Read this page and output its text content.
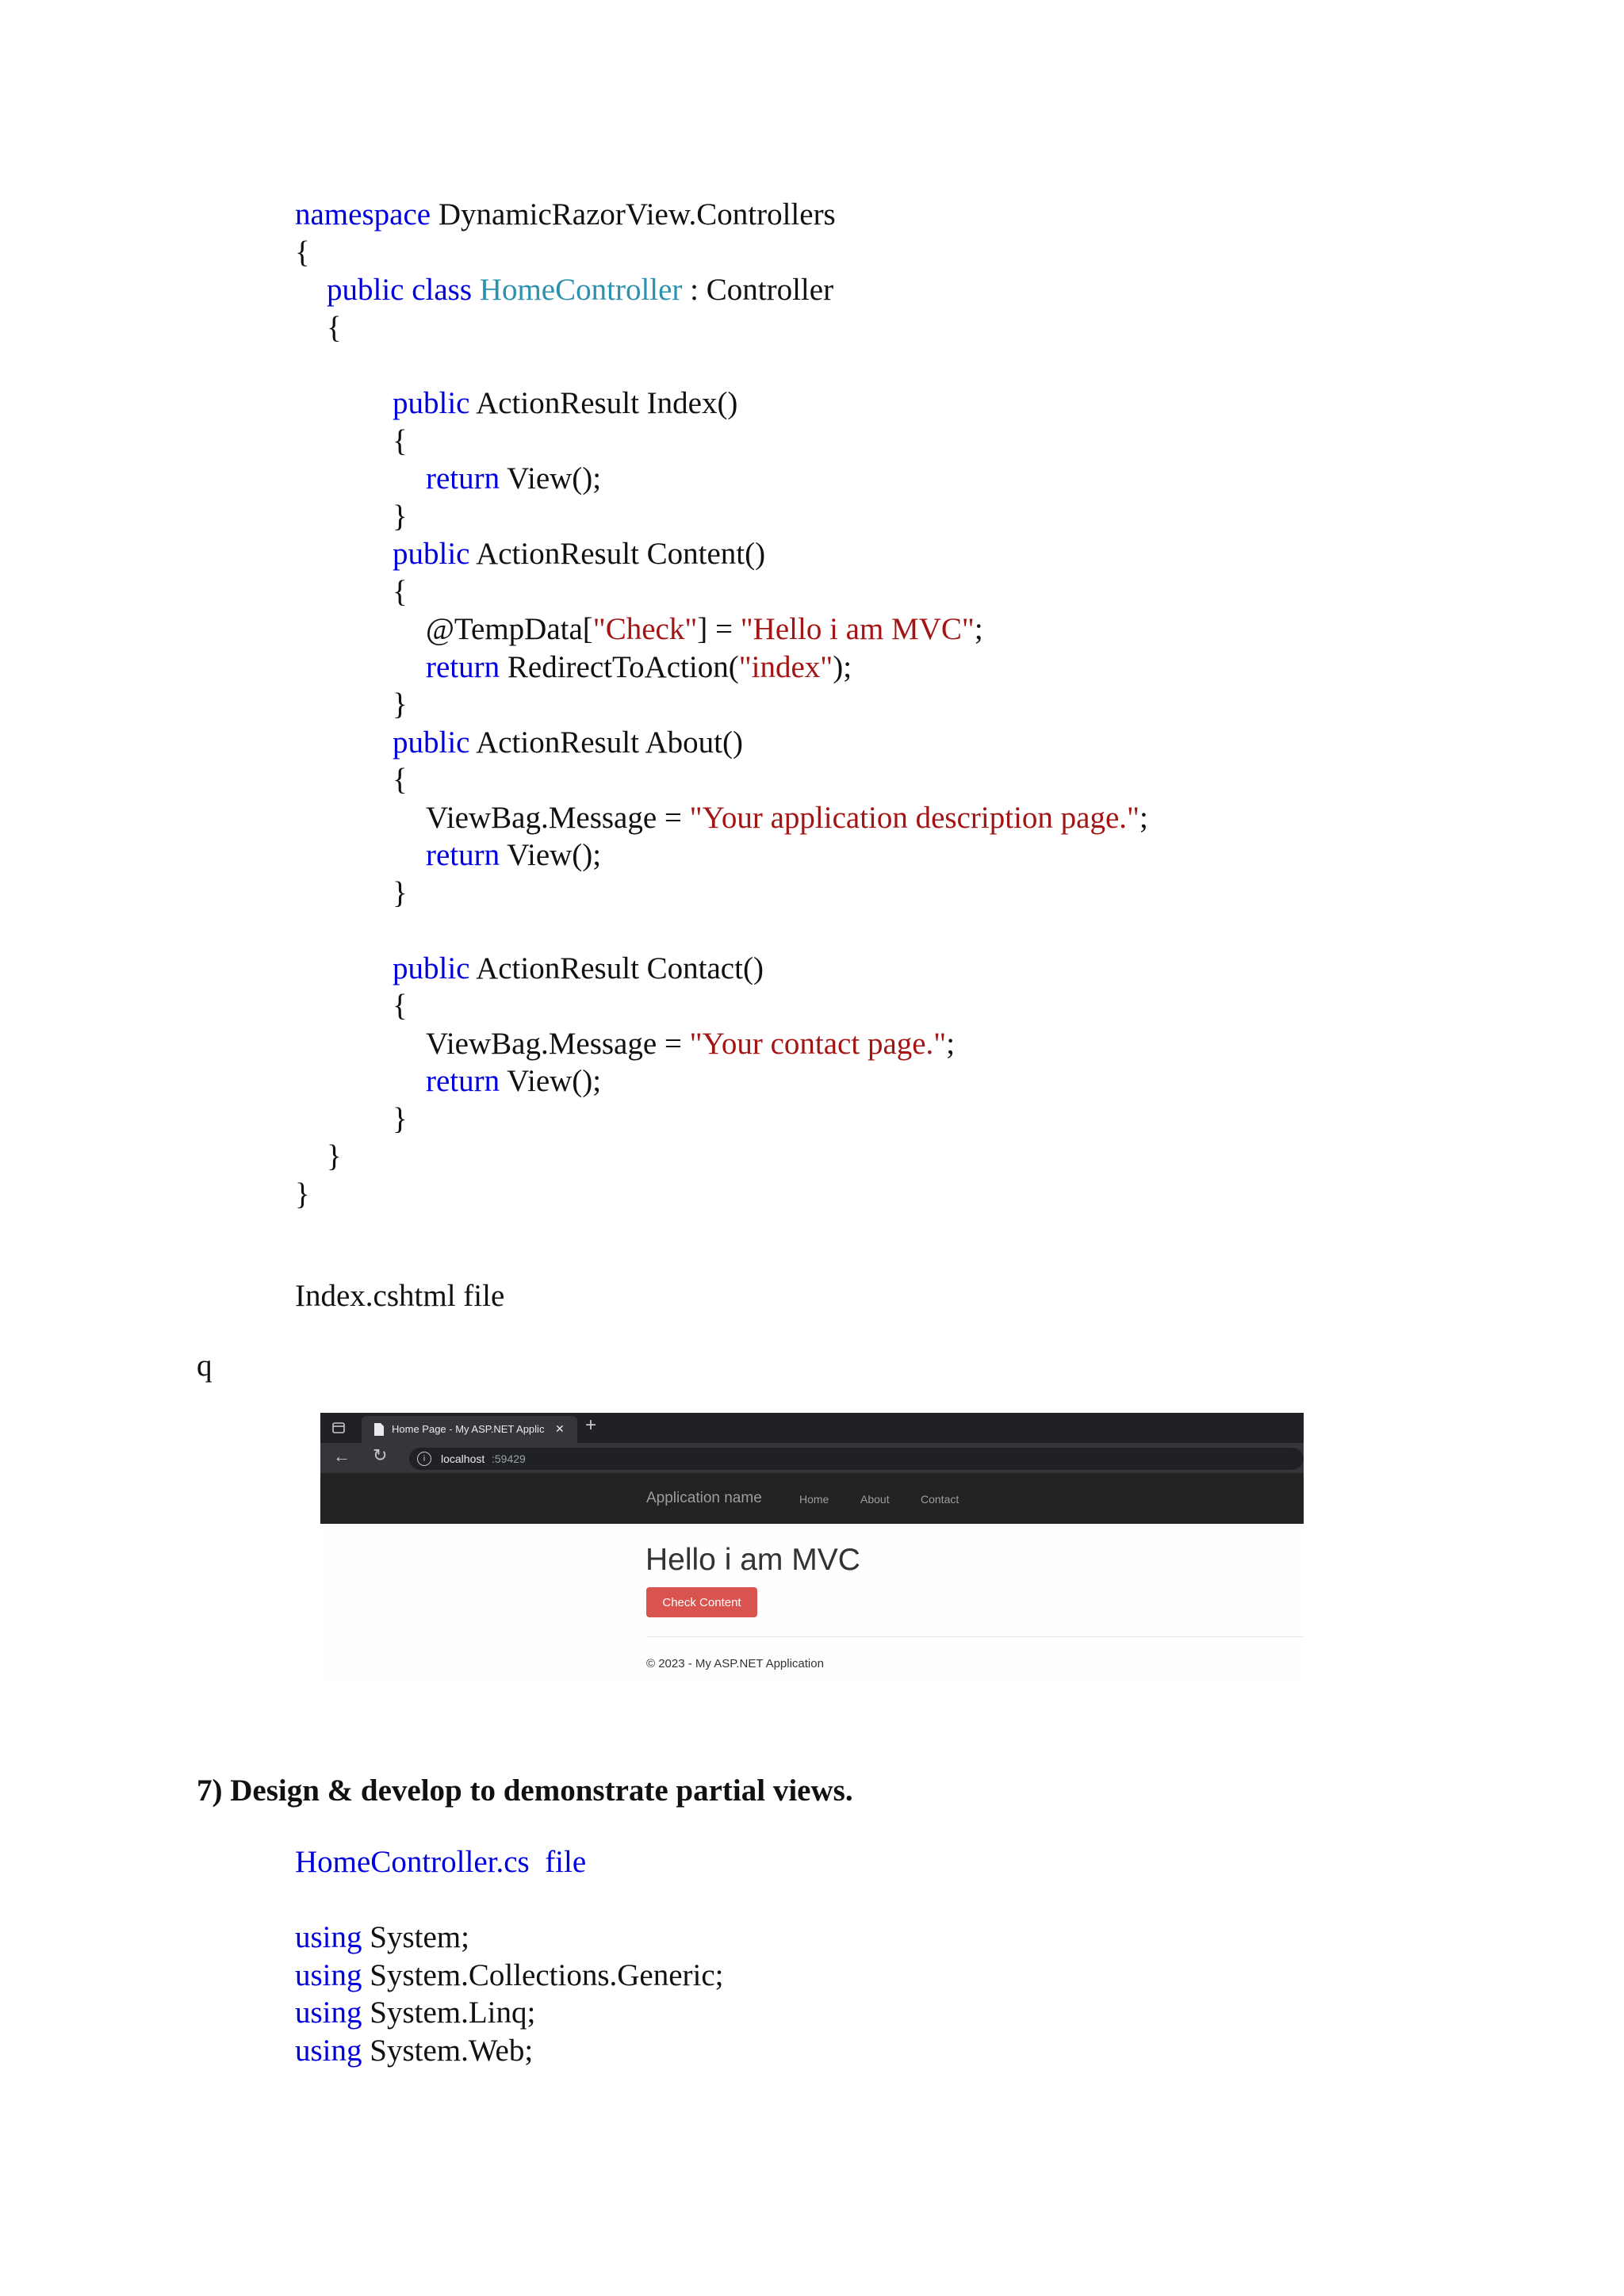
namespace DynamicRazorView.Controllers
{
public class HomeController : Controller
{
public ActionResult Index()
{
return View();
}
public ActionResult Content()
{
@TempData["Check"] = "Hello i am MVC";
return RedirectToAction("index");
}
public ActionResult About()
{
ViewBag.Message = "Your application description page.";
return View();
}
public ActionResult Contact()
{
ViewBag.Message = "Your contact page.";
return View();
}
}
}
Index.cshtml file
q
Home Page - My ASP.NET Applic ✕ +
← ↻	i	localhost :59429
Application name	Home	About	Contact
Hello i am MVC
Check Content
© 2023 - My ASP.NET Application
7) Design & develop to demonstrate partial views.
HomeController.cs  file
using System;
using System.Collections.Generic;
using System.Linq;
using System.Web;
